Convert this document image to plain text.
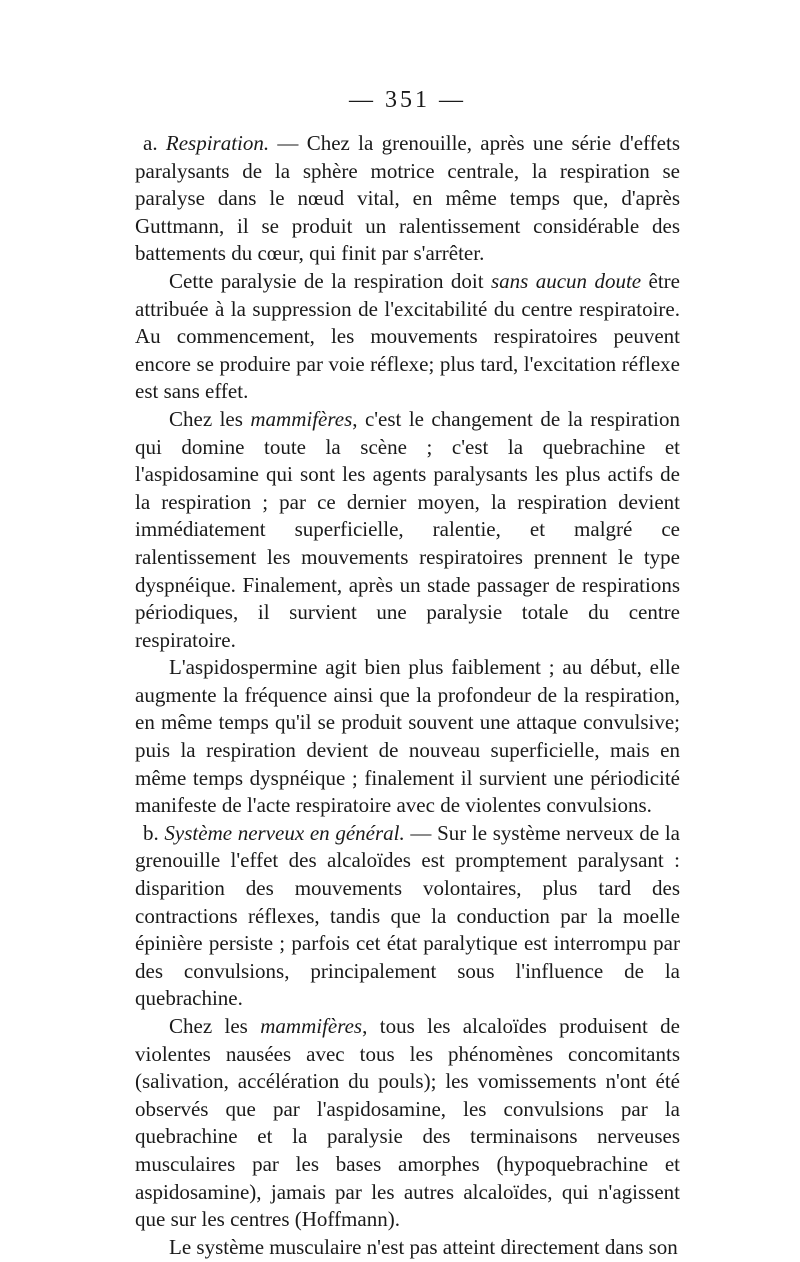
— 351 —

a. Respiration. — Chez la grenouille, après une série d'effets paralysants de la sphère motrice centrale, la respiration se paralyse dans le nœud vital, en même temps que, d'après Guttmann, il se produit un ralentissement considérable des battements du cœur, qui finit par s'arrêter.

Cette paralysie de la respiration doit sans aucun doute être attribuée à la suppression de l'excitabilité du centre respiratoire. Au commencement, les mouvements respiratoires peuvent encore se produire par voie réflexe; plus tard, l'excitation réflexe est sans effet.

Chez les mammifères, c'est le changement de la respiration qui domine toute la scène ; c'est la quebrachine et l'aspidosamine qui sont les agents paralysants les plus actifs de la respiration ; par ce dernier moyen, la respiration devient immédiatement superficielle, ralentie, et malgré ce ralentissement les mouvements respiratoires prennent le type dyspnéique. Finalement, après un stade passager de respirations périodiques, il survient une paralysie totale du centre respiratoire.

L'aspidospermine agit bien plus faiblement ; au début, elle augmente la fréquence ainsi que la profondeur de la respiration, en même temps qu'il se produit souvent une attaque convulsive; puis la respiration devient de nouveau superficielle, mais en même temps dyspnéique ; finalement il survient une périodicité manifeste de l'acte respiratoire avec de violentes convulsions.

b. Système nerveux en général. — Sur le système nerveux de la grenouille l'effet des alcaloïdes est promptement paralysant : disparition des mouvements volontaires, plus tard des contractions réflexes, tandis que la conduction par la moelle épinière persiste ; parfois cet état paralytique est interrompu par des convulsions, principalement sous l'influence de la quebrachine.

Chez les mammifères, tous les alcaloïdes produisent de violentes nausées avec tous les phénomènes concomitants (salivation, accélération du pouls); les vomissements n'ont été observés que par l'aspidosamine, les convulsions par la quebrachine et la paralysie des terminaisons nerveuses musculaires par les bases amorphes (hypoquebrachine et aspidosamine), jamais par les autres alcaloïdes, qui n'agissent que sur les centres (Hoffmann).

Le système musculaire n'est pas atteint directement dans son
